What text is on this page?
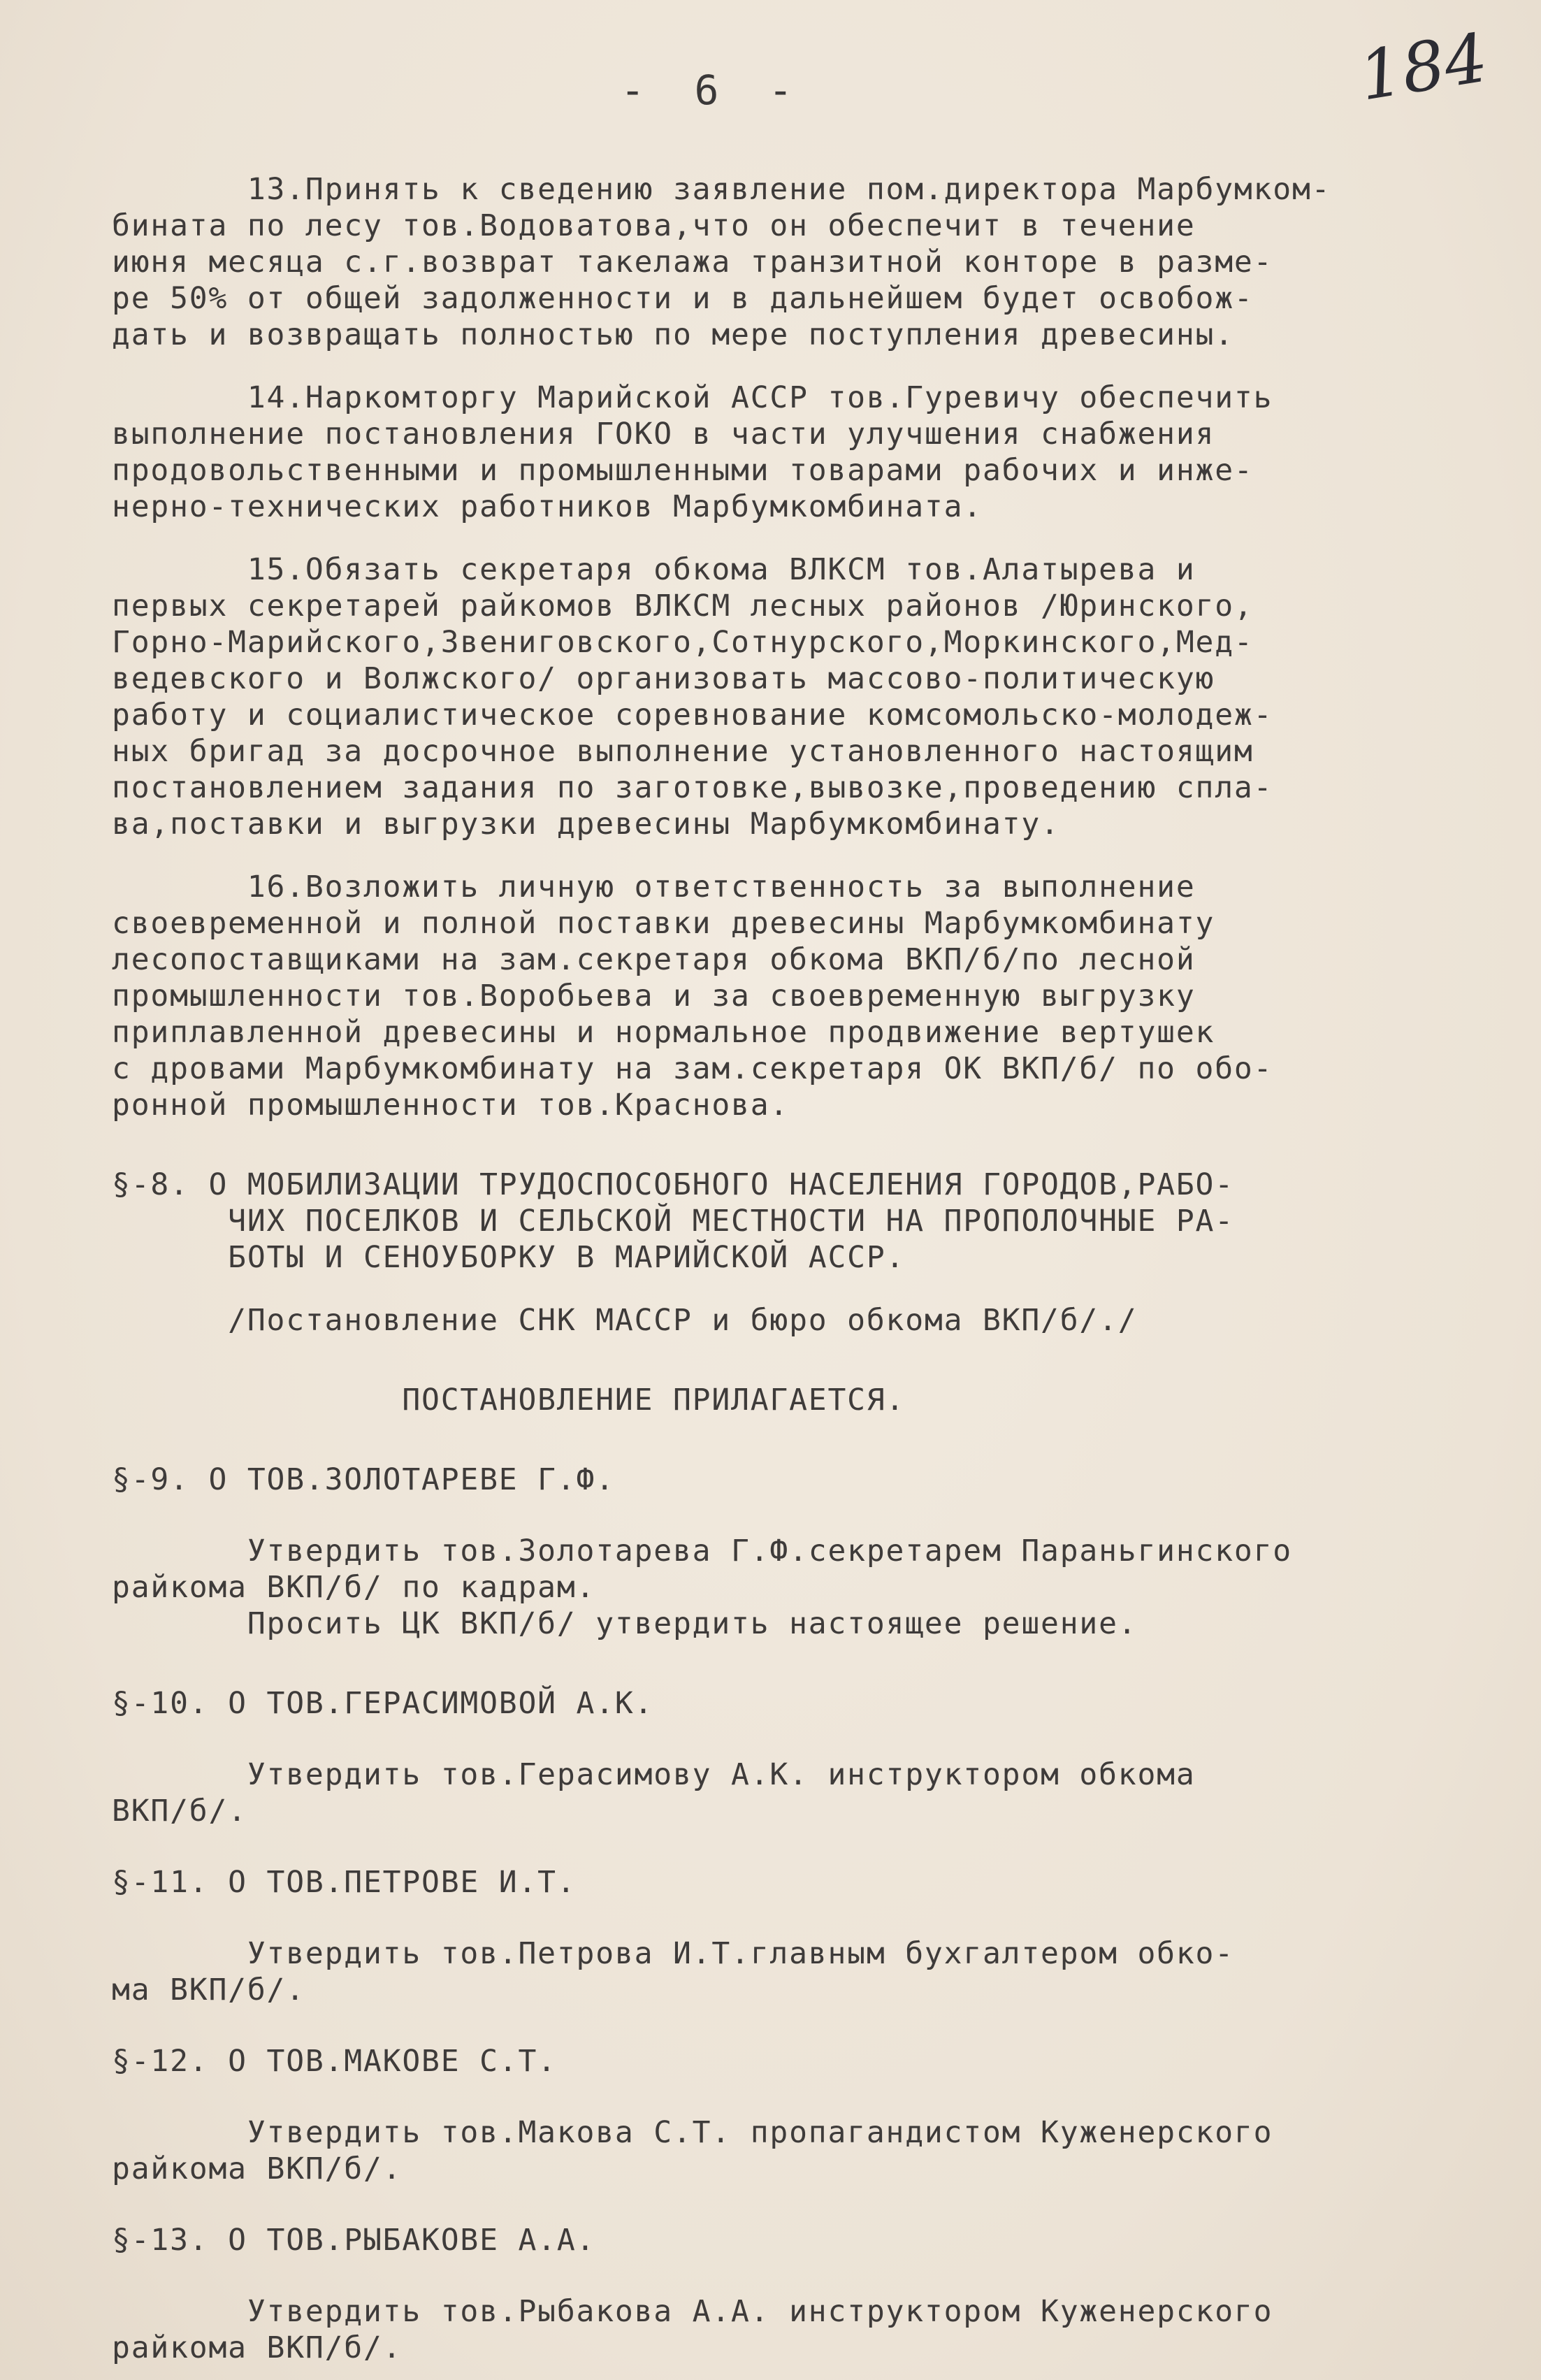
- 6 -	184

13.Принять к сведению заявление пом.директора Марбумком-

бината по лесу тов.Водоватова,что он обеспечит в течение

июня месяца с.г.возврат такелажа транзитной конторе в разме-

ре 50% от общей задолженности и в дальнейшем будет освобож-

дать и возвращать полностью по мере поступления древесины.

14.Наркомторгу Марийской АССР тов.Гуревичу обеспечить

выполнение постановления ГОКО в части улучшения снабжения

продовольственными и промышленными товарами рабочих и инже-

нерно-технических работников Марбумкомбината.

15.Обязать секретаря обкома ВЛКСМ тов.Алатырева и

первых секретарей райкомов ВЛКСМ лесных районов /Юринского,

Горно-Марийского,Звениговского,Сотнурского,Моркинского,Мед-

ведевского и Волжского/ организовать массово-политическую

работу и социалистическое соревнование комсомольско-молодеж-

ных бригад за досрочное выполнение установленного настоящим

постановлением задания по заготовке,вывозке,проведению спла-

ва,поставки и выгрузки древесины Марбумкомбинату.

16.Возложить личную ответственность за выполнение

своевременной и полной поставки древесины Марбумкомбинату

лесопоставщиками на зам.секретаря обкома ВКП/б/по лесной

промышленности тов.Воробьева и за своевременную выгрузку

приплавленной древесины и нормальное продвижение вертушек

с дровами Марбумкомбинату на зам.секретаря ОК ВКП/б/ по обо-

ронной промышленности тов.Краснова.

§-8. О МОБИЛИЗАЦИИ ТРУДОСПОСОБНОГО НАСЕЛЕНИЯ ГОРОДОВ,РАБО-

ЧИХ ПОСЕЛКОВ И СЕЛЬСКОЙ МЕСТНОСТИ НА ПРОПОЛОЧНЫЕ РА-

БОТЫ И СЕНОУБОРКУ В МАРИЙСКОЙ АССР.

/Постановление СНК МАССР и бюро обкома ВКП/б/./

ПОСТАНОВЛЕНИЕ ПРИЛАГАЕТСЯ.

§-9. О ТОВ.ЗОЛОТАРЕВЕ Г.Ф.

Утвердить тов.Золотарева Г.Ф.секретарем Параньгинского

райкома ВКП/б/ по кадрам.

Просить ЦК ВКП/б/ утвердить настоящее решение.

§-10. О ТОВ.ГЕРАСИМОВОЙ А.К.

Утвердить тов.Герасимову А.К. инструктором обкома

ВКП/б/.

§-11. О ТОВ.ПЕТРОВЕ И.Т.

Утвердить тов.Петрова И.Т.главным бухгалтером обко-

ма ВКП/б/.

§-12. О ТОВ.МАКОВЕ С.Т.

Утвердить тов.Макова С.Т. пропагандистом Куженерского

райкома ВКП/б/.

§-13. О ТОВ.РЫБАКОВЕ А.А.

Утвердить тов.Рыбакова А.А. инструктором Куженерского

райкома ВКП/б/.
